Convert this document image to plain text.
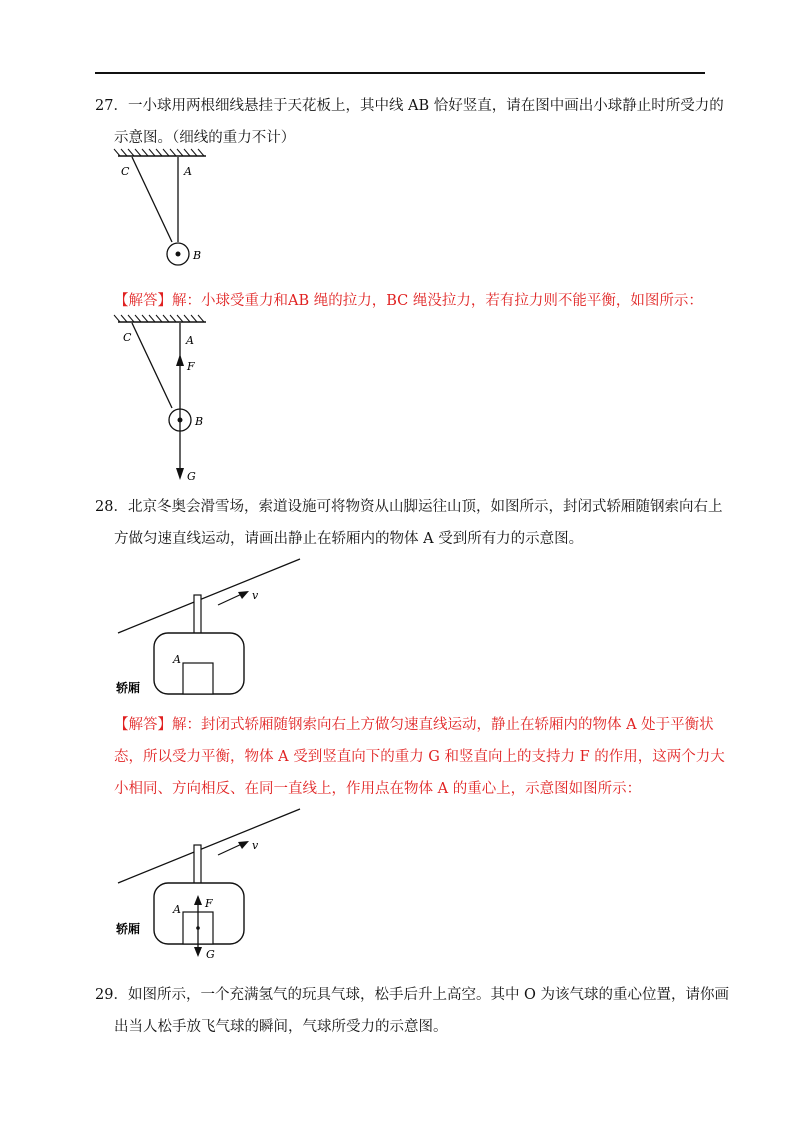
27．一小球用两根细线悬挂于天花板上，其中线 AB 恰好竖直，请在图中画出小球静止时所受力的
示意图。（细线的重力不计）
C	A
B
【解答】解：小球受重力和AB 绳的拉力，BC 绳没拉力，若有拉力则不能平衡，如图所示：
C	A
F
B
G
28．北京冬奥会滑雪场，索道设施可将物资从山脚运往山顶，如图所示，封闭式轿厢随钢索向右上
方做匀速直线运动，请画出静止在轿厢内的物体 A 受到所有力的示意图。
v
A
轿厢
【解答】解：封闭式轿厢随钢索向右上方做匀速直线运动，静止在轿厢内的物体 A 处于平衡状
态，所以受力平衡，物体 A 受到竖直向下的重力 G 和竖直向上的支持力 F 的作用，这两个力大
小相同、方向相反、在同一直线上，作用点在物体 A 的重心上，示意图如图所示：
v
A F
G
轿厢
29．如图所示，一个充满氢气的玩具气球，松手后升上高空。其中 O 为该气球的重心位置，请你画
出当人松手放飞气球的瞬间，气球所受力的示意图。
